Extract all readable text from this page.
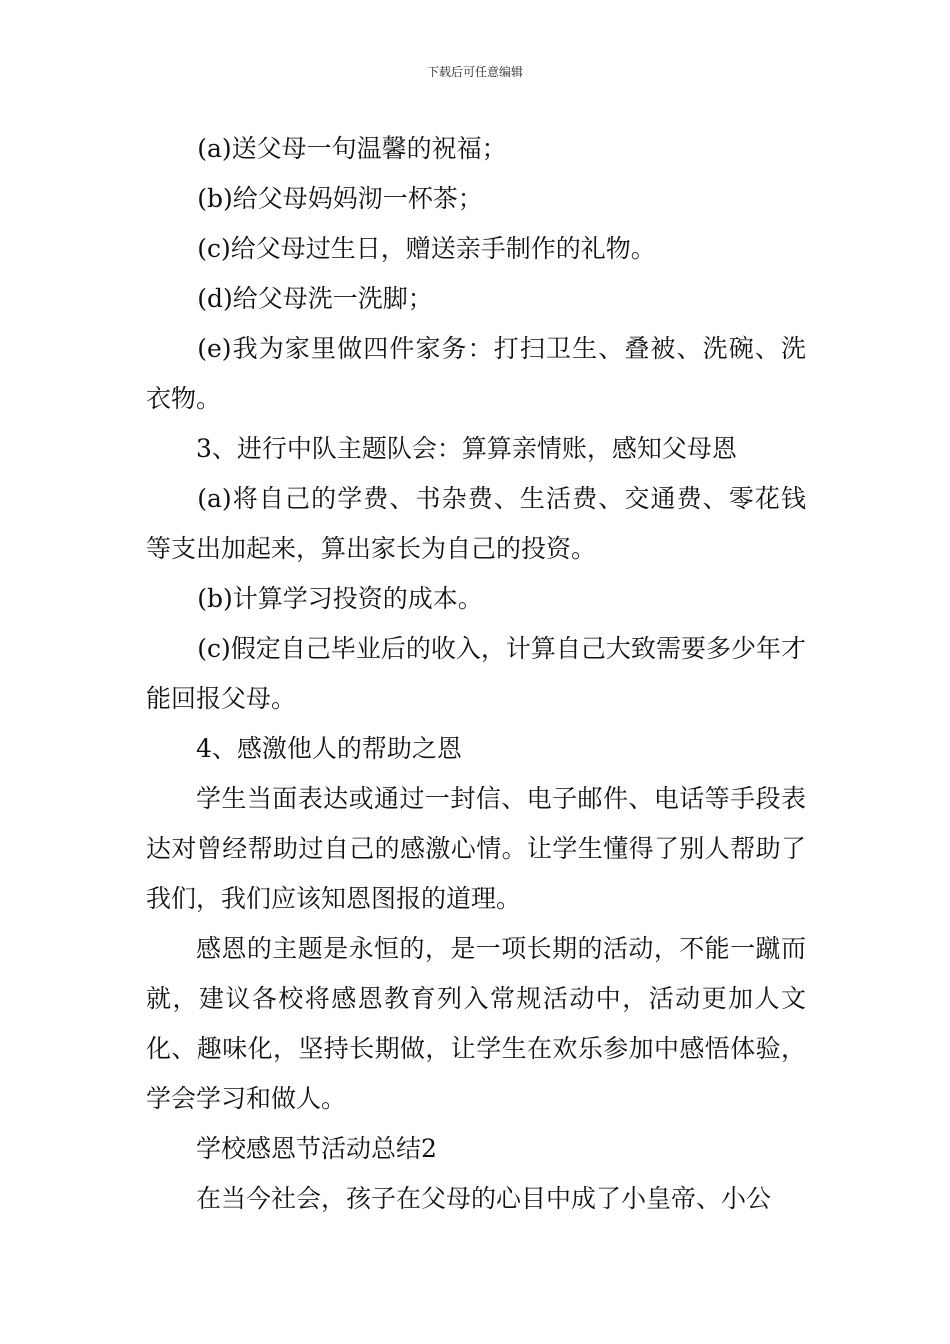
下载后可任意编辑

(a)送父母一句温馨的祝福；

(b)给父母妈妈沏一杯茶；

(c)给父母过生日，赠送亲手制作的礼物。

(d)给父母洗一洗脚；

(e)我为家里做四件家务：打扫卫生、叠被、洗碗、洗衣物。

3、进行中队主题队会：算算亲情账，感知父母恩

(a)将自己的学费、书杂费、生活费、交通费、零花钱等支出加起来，算出家长为自己的投资。

(b)计算学习投资的成本。

(c)假定自己毕业后的收入，计算自己大致需要多少年才能回报父母。

4、感激他人的帮助之恩

学生当面表达或通过一封信、电子邮件、电话等手段表达对曾经帮助过自己的感激心情。让学生懂得了别人帮助了我们，我们应该知恩图报的道理。

感恩的主题是永恒的，是一项长期的活动，不能一蹴而就，建议各校将感恩教育列入常规活动中，活动更加人文化、趣味化，坚持长期做，让学生在欢乐参加中感悟体验，学会学习和做人。

学校感恩节活动总结2

在当今社会，孩子在父母的心目中成了小皇帝、小公
